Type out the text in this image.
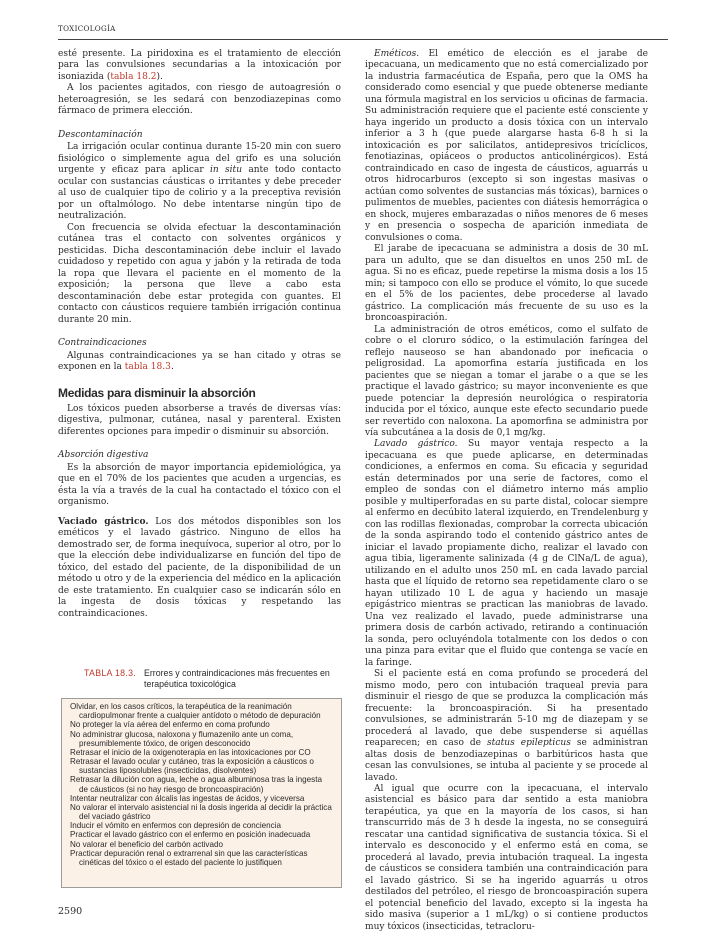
TOXICOLOGÍA

esté presente. La piridoxina es el tratamiento de elección para las convulsiones secundarias a la intoxicación por isoniazida (tabla 18.2).

A los pacientes agitados, con riesgo de autoagresión o heteroagresión, se les sedará con benzodiazepinas como fármaco de primera elección.

Descontaminación

La irrigación ocular continua durante 15-20 min con suero fisiológico o simplemente agua del grifo es una solución urgente y eficaz para aplicar in situ ante todo contacto ocular con sustancias cáusticas o irritantes y debe preceder al uso de cualquier tipo de colirio y a la preceptiva revisión por un oftalmólogo. No debe intentarse ningún tipo de neutralización.

Con frecuencia se olvida efectuar la descontaminación cutánea tras el contacto con solventes orgánicos y pesticidas. Dicha descontaminación debe incluir el lavado cuidadoso y repetido con agua y jabón y la retirada de toda la ropa que llevara el paciente en el momento de la exposición; la persona que lleve a cabo esta descontaminación debe estar protegida con guantes. El contacto con cáusticos requiere también irrigación continua durante 20 min.

Contraindicaciones

Algunas contraindicaciones ya se han citado y otras se exponen en la tabla 18.3.

Medidas para disminuir la absorción

Los tóxicos pueden absorberse a través de diversas vías: digestiva, pulmonar, cutánea, nasal y parenteral. Existen diferentes opciones para impedir o disminuir su absorción.

Absorción digestiva

Es la absorción de mayor importancia epidemiológica, ya que en el 70% de los pacientes que acuden a urgencias, es ésta la vía a través de la cual ha contactado el tóxico con el organismo.

Vaciado gástrico. Los dos métodos disponibles son los eméticos y el lavado gástrico. Ninguno de ellos ha demostrado ser, de forma inequívoca, superior al otro, por lo que la elección debe individualizarse en función del tipo de tóxico, del estado del paciente, de la disponibilidad de un método u otro y de la experiencia del médico en la aplicación de este tratamiento. En cualquier caso se indicarán sólo en la ingesta de dosis tóxicas y respetando las contraindicaciones.

TABLA 18.3. Errores y contraindicaciones más frecuentes en terapéutica toxicológica
Olvidar, en los casos críticos, la terapéutica de la reanimación cardiopulmonar frente a cualquier antídoto o método de depuración
No proteger la vía aérea del enfermo en coma profundo
No administrar glucosa, naloxona y flumazenilo ante un coma, presumiblemente tóxico, de origen desconocido
Retrasar el inicio de la oxigenoterapia en las intoxicaciones por CO
Retrasar el lavado ocular y cutáneo, tras la exposición a cáusticos o sustancias liposolubles (insecticidas, disolventes)
Retrasar la dilución con agua, leche o agua albuminosa tras la ingesta de cáusticos (si no hay riesgo de broncoaspiración)
Intentar neutralizar con álcalis las ingestas de ácidos, y viceversa
No valorar el intervalo asistencial ni la dosis ingerida al decidir la práctica del vaciado gástrico
Inducir el vómito en enfermos con depresión de conciencia
Practicar el lavado gástrico con el enfermo en posición inadecuada
No valorar el beneficio del carbón activado
Practicar depuración renal o extrarrenal sin que las características cinéticas del tóxico o el estado del paciente lo justifiquen

Eméticos. El emético de elección es el jarabe de ipecacuana, un medicamento que no está comercializado por la industria farmacéutica de España, pero que la OMS ha considerado como esencial y que puede obtenerse mediante una fórmula magistral en los servicios u oficinas de farmacia. Su administración requiere que el paciente esté consciente y haya ingerido un producto a dosis tóxica con un intervalo inferior a 3 h (que puede alargarse hasta 6-8 h si la intoxicación es por salicilatos, antidepresivos tricíclicos, fenotiazinas, opiáceos o productos anticolinérgicos). Está contraindicado en caso de ingesta de cáusticos, aguarrás u otros hidrocarburos (excepto si son ingestas masivas o actúan como solventes de sustancias más tóxicas), barnices o pulimentos de muebles, pacientes con diátesis hemorrágica o en shock, mujeres embarazadas o niños menores de 6 meses y en presencia o sospecha de aparición inmediata de convulsiones o coma.

El jarabe de ipecacuana se administra a dosis de 30 mL para un adulto, que se dan disueltos en unos 250 mL de agua. Si no es eficaz, puede repetirse la misma dosis a los 15 min; si tampoco con ello se produce el vómito, lo que sucede en el 5% de los pacientes, debe procederse al lavado gástrico. La complicación más frecuente de su uso es la broncoaspiración.

La administración de otros eméticos, como el sulfato de cobre o el cloruro sódico, o la estimulación faríngea del reflejo nauseoso se han abandonado por ineficacia o peligrosidad. La apomorfina estaría justificada en los pacientes que se niegan a tomar el jarabe o a que se les practique el lavado gástrico; su mayor inconveniente es que puede potenciar la depresión neurológica o respiratoria inducida por el tóxico, aunque este efecto secundario puede ser revertido con naloxona. La apomorfina se administra por vía subcutánea a la dosis de 0,1 mg/kg.

Lavado gástrico. Su mayor ventaja respecto a la ipecacuana es que puede aplicarse, en determinadas condiciones, a enfermos en coma. Su eficacia y seguridad están determinados por una serie de factores, como el empleo de sondas con el diámetro interno más amplio posible y multiperforadas en su parte distal, colocar siempre al enfermo en decúbito lateral izquierdo, en Trendelenburg y con las rodillas flexionadas, comprobar la correcta ubicación de la sonda aspirando todo el contenido gástrico antes de iniciar el lavado propiamente dicho, realizar el lavado con agua tibia, ligeramente salinizada (4 g de ClNa/L de agua), utilizando en el adulto unos 250 mL en cada lavado parcial hasta que el líquido de retorno sea repetidamente claro o se hayan utilizado 10 L de agua y haciendo un masaje epigástrico mientras se practican las maniobras de lavado. Una vez realizado el lavado, puede administrarse una primera dosis de carbón activado, retirando a continuación la sonda, pero ocluyéndola totalmente con los dedos o con una pinza para evitar que el fluido que contenga se vacíe en la faringe.

Si el paciente está en coma profundo se procederá del mismo modo, pero con intubación traqueal previa para disminuir el riesgo de que se produzca la complicación más frecuente: la broncoaspiración. Si ha presentado convulsiones, se administrarán 5-10 mg de diazepam y se procederá al lavado, que debe suspenderse si aquéllas reaparecen; en caso de status epilepticus se administran altas dosis de benzodiazepinas o barbitúricos hasta que cesan las convulsiones, se intuba al paciente y se procede al lavado.

Al igual que ocurre con la ipecacuana, el intervalo asistencial es básico para dar sentido a esta maniobra terapéutica, ya que en la mayoría de los casos, si han transcurrido más de 3 h desde la ingesta, no se conseguirá rescatar una cantidad significativa de sustancia tóxica. Si el intervalo es desconocido y el enfermo está en coma, se procederá al lavado, previa intubación traqueal. La ingesta de cáusticos se considera también una contraindicación para el lavado gástrico. Si se ha ingerido aguarrás u otros destilados del petróleo, el riesgo de broncoaspiración supera el potencial beneficio del lavado, excepto si la ingesta ha sido masiva (superior a 1 mL/kg) o si contiene productos muy tóxicos (insecticidas, tetracloru-

2590
